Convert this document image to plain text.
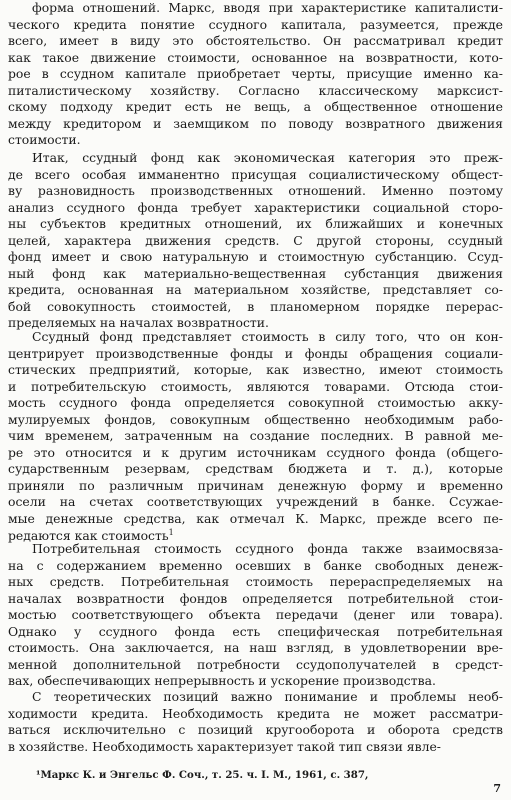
форма отношений. Маркс, вводя при характеристике капиталисти-
ческого кредита понятие ссудного капитала, разумеется, прежде
всего, имеет в виду это обстоятельство. Он рассматривал кредит
как такое движение стоимости, основанное на возвратности, кото-
рое в ссудном капитале приобретает черты, присущие именно ка-
питалистическому хозяйству. Согласно классическому марксист-
скому подходу кредит есть не вещь, а общественное отношение
между кредитором и заемщиком по поводу возвратного движения
стоимости.
Итак, ссудный фонд как экономическая категория это преж-
де всего особая имманентно присущая социалистическому общест-
ву разновидность производственных отношений. Именно поэтому
анализ ссудного фонда требует характеристики социальной сторо-
ны субъектов кредитных отношений, их ближайших и конечных
целей, характера движения средств. С другой стороны, ссудный
фонд имеет и свою натуральную и стоимостную субстанцию. Ссуд-
ный фонд как материально-вещественная субстанция движения
кредита, основанная на материальном хозяйстве, представляет со-
бой совокупность стоимостей, в планомерном порядке перерас-
пределяемых на началах возвратности.
Ссудный фонд представляет стоимость в силу того, что он кон-
центрирует производственные фонды и фонды обращения социали-
стических предприятий, которые, как известно, имеют стоимость
и потребительскую стоимость, являются товарами. Отсюда стои-
мость ссудного фонда определяется совокупной стоимостью акку-
мулируемых фондов, совокупным общественно необходимым рабо-
чим временем, затраченным на создание последних. В равной ме-
ре это относится и к другим источникам ссудного фонда (общего-
сударственным резервам, средствам бюджета и т. д.), которые
приняли по различным причинам денежную форму и временно
осели на счетах соответствующих учреждений в банке. Ссужае-
мые денежные средства, как отмечал К. Маркс, прежде всего пе-
редаются как стоимость$^1$
Потребительная стоимость ссудного фонда также взаимосвяза-
на с содержанием временно осевших в банке свободных денеж-
ных средств. Потребительная стоимость перераспределяемых на
началах возвратности фондов определяется потребительной стои-
мостью соответствующего объекта передачи (денег или товара).
Однако у ссудного фонда есть специфическая потребительная
стоимость. Она заключается, на наш взгляд, в удовлетворении вре-
менной дополнительной потребности ссудополучателей в средст-
вах, обеспечивающих непрерывность и ускорение производства.
С теоретических позиций важно понимание и проблемы необ-
ходимости кредита. Необходимость кредита не может рассматри-
ваться исключительно с позиций кругооборота и оборота средств
в хозяйстве. Необходимость характеризует такой тип связи явле-
¹Маркс К. и Энгельс Ф. Соч., т. 25. ч. I. М., 1961, с. 387,
7
